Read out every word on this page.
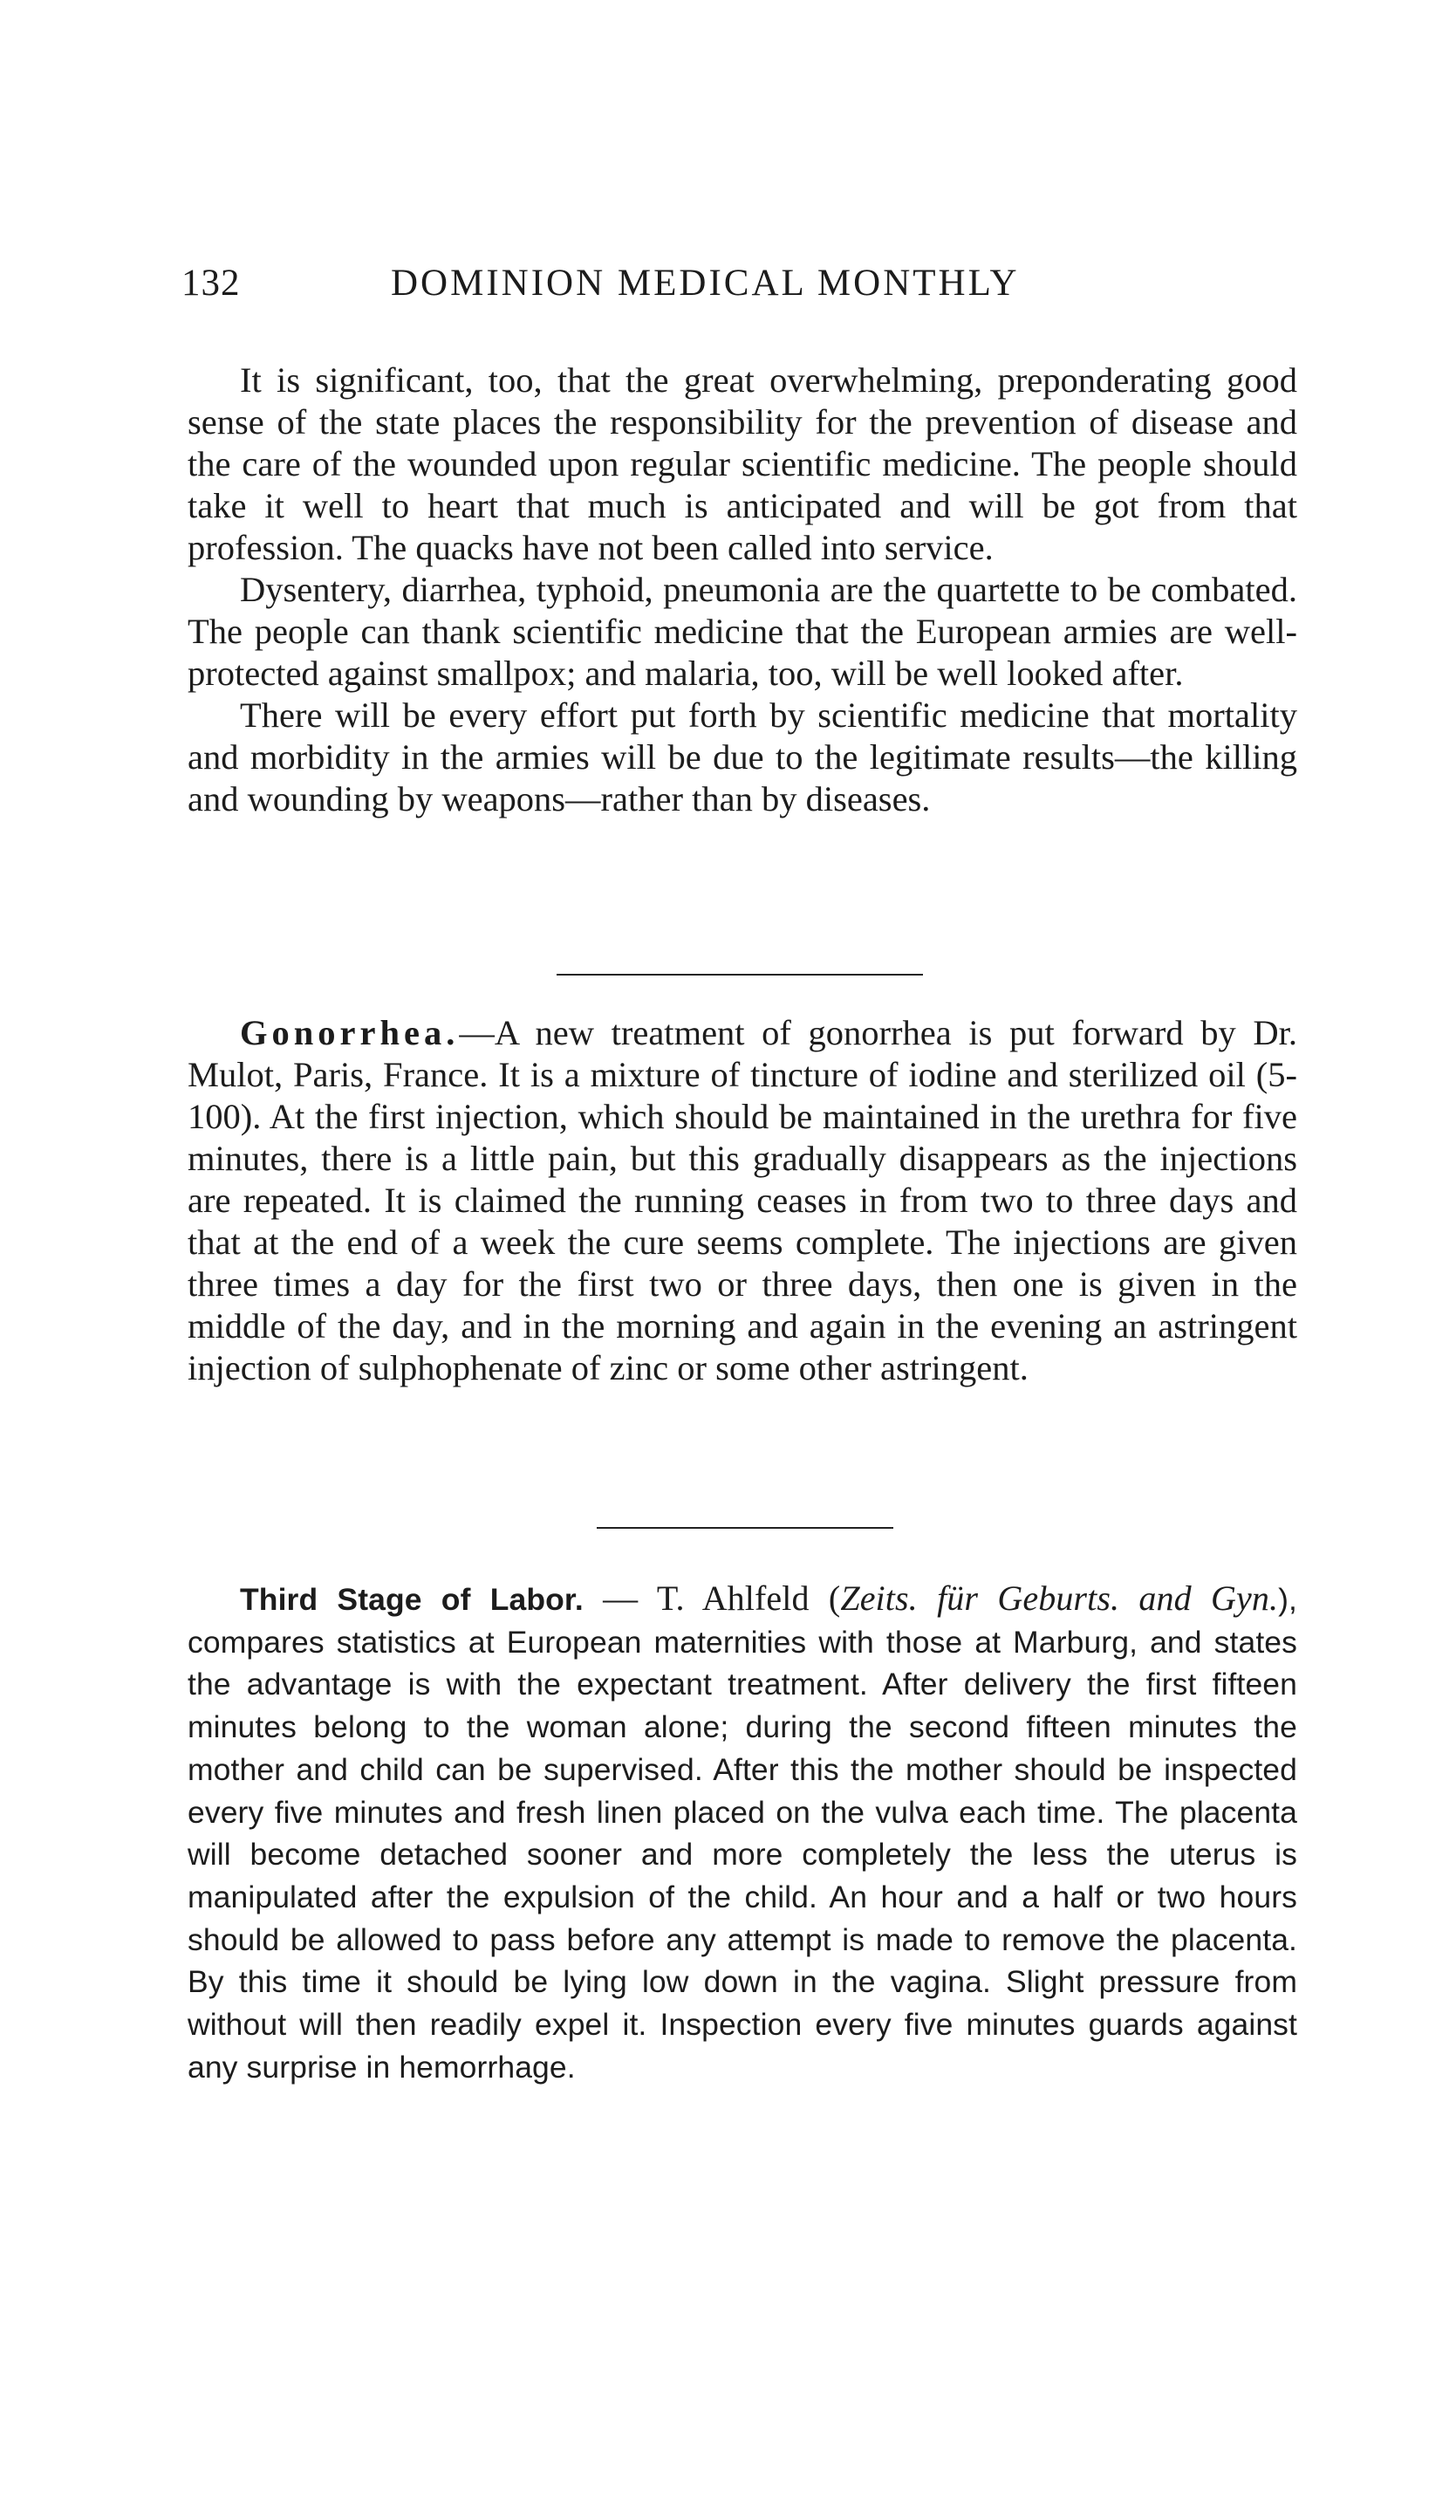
132	DOMINION MEDICAL MONTHLY

It is significant, too, that the great overwhelming, preponderating good sense of the state places the responsibility for the prevention of disease and the care of the wounded upon regular scientific medicine. The people should take it well to heart that much is anticipated and will be got from that profession. The quacks have not been called into service.

Dysentery, diarrhea, typhoid, pneumonia are the quartette to be combated. The people can thank scientific medicine that the European armies are well-protected against smallpox; and malaria, too, will be well looked after.

There will be every effort put forth by scientific medicine that mortality and morbidity in the armies will be due to the legitimate results—the killing and wounding by weapons—rather than by diseases.

Gonorrhea.—A new treatment of gonorrhea is put forward by Dr. Mulot, Paris, France. It is a mixture of tincture of iodine and sterilized oil (5-100). At the first injection, which should be maintained in the urethra for five minutes, there is a little pain, but this gradually disappears as the injections are repeated. It is claimed the running ceases in from two to three days and that at the end of a week the cure seems complete. The injections are given three times a day for the first two or three days, then one is given in the middle of the day, and in the morning and again in the evening an astringent injection of sulphophenate of zinc or some other astringent.

Third Stage of Labor. — T. Ahlfeld (Zeits. für Geburts. and Gyn.), compares statistics at European maternities with those at Marburg, and states the advantage is with the expectant treatment. After delivery the first fifteen minutes belong to the woman alone; during the second fifteen minutes the mother and child can be supervised. After this the mother should be inspected every five minutes and fresh linen placed on the vulva each time. The placenta will become detached sooner and more completely the less the uterus is manipulated after the expulsion of the child. An hour and a half or two hours should be allowed to pass before any attempt is made to remove the placenta. By this time it should be lying low down in the vagina. Slight pressure from without will then readily expel it. Inspection every five minutes guards against any surprise in hemorrhage.
